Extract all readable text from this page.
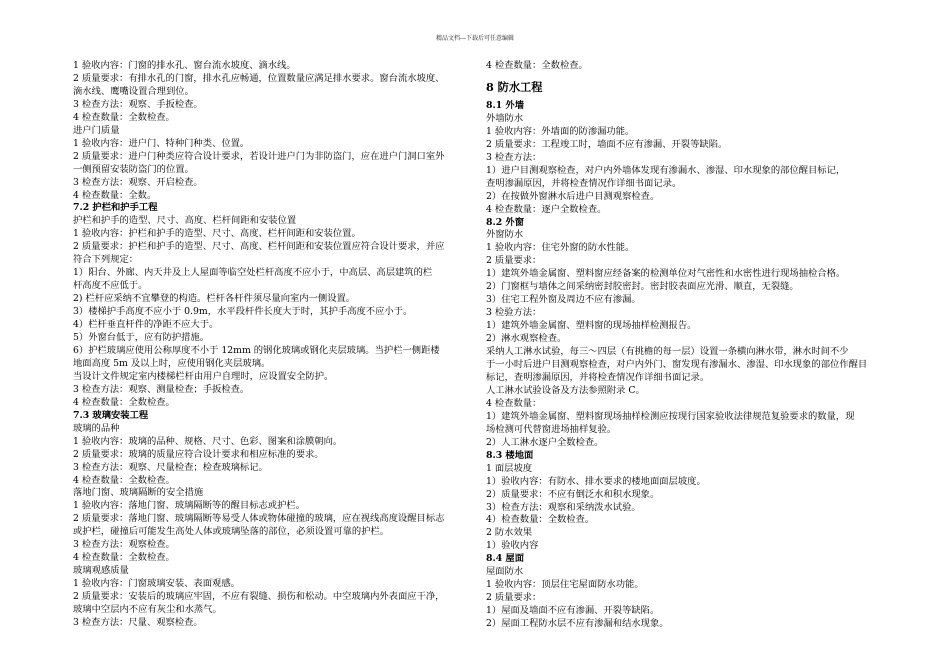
精品文档---下载后可任意编辑

1 验收内容：门窗的排水孔、窗台流水坡度、滴水线。

2 质量要求：有排水孔的门窗，排水孔应畅通，位置数量应满足排水要求。窗台流水坡度、

滴水线、鹰嘴设置合理到位。

3 检查方法：观察、手扳检查。

4 检查数量：全数检查。

进户门质量

1 验收内容：进户门、特种门种类、位置。

2 质量要求：进户门种类应符合设计要求，若设计进户门为非防盗门，应在进户门洞口室外

一侧预留安装防盗门的位置。

3 检查方法：观察、开启检查。

4 检查数量：全数。

7.2 护栏和护手工程

护栏和护手的造型、尺寸、高度、栏杆间距和安装位置

1 验收内容：护栏和护手的造型、尺寸、高度、栏杆间距和安装位置。

2 质量要求：护栏和护手的造型、尺寸、高度、栏杆间距和安装位置应符合设计要求，并应

符合下列规定：

1）阳台、外廊、内天井及上人屋面等临空处栏杆高度不应小于，中高层、高层建筑的栏

杆高度不应低于。

2) 栏杆应采纳不宜攀登的构造。栏杆各杆件须尽量向室内一侧设置。

3）楼梯护手高度不应小于 0.9m，水平段杆件长度大于时，其护手高度不应小于。

4）栏杆垂直杆件的净距不应大于。

5）外窗台低于，应有防护措施。

6）护栏玻璃应使用公称厚度不小于 12mm 的钢化玻璃或钢化夹层玻璃。当护栏一侧距楼

地面高度 5m 及以上时，应使用钢化夹层玻璃。

当设计文件规定室内楼梯栏杆由用户自理时，应设置安全防护。

3 检查方法：观察、测量检查；手扳检查。

4 检查数量：全数检查。

7.3 玻璃安装工程

玻璃的品种

1 验收内容：玻璃的品种、规格、尺寸、色彩、图案和涂膜朝向。

2 质量要求：玻璃的质量应符合设计要求和相应标准的要求。

3 检查方法：观察、尺量检查；检查玻璃标记。

4 检查数量：全数检查。

落地门窗、玻璃隔断的安全措施

1 验收内容：落地门窗、玻璃隔断等的醒目标志或护栏。

2 质量要求：落地门窗、玻璃隔断等易受人体或物体碰撞的玻璃，应在视线高度设醒目标志

或护栏，碰撞后可能发生高处人体或玻璃坠落的部位，必须设置可靠的护栏。

3 检查方法：观察检查。

4 检查数量：全数检查。

玻璃观感质量

1 验收内容：门窗玻璃安装、表面观感。

2 质量要求：安装后的玻璃应牢固，不应有裂缝、损伤和松动。中空玻璃内外表面应干净，

玻璃中空层内不应有灰尘和水蒸气。

3 检查方法：尺量、观察检查。

4 检查数量：全数检查。

8 防水工程

8.1 外墙

外墙防水

1 验收内容：外墙面的防渗漏功能。

2 质量要求：工程竣工时，墙面不应有渗漏、开裂等缺陷。

3 检查方法：

1）进户目测观察检查，对户内外墙体发现有渗漏水、渗湿、印水现象的部位醒目标记，

查明渗漏原因，并将检查情况作详细书面记录。

2）在按做外窗淋水后进户目测观察检查。

4 检查数量：逐户全数检查。

8.2 外窗

外窗防水

1 验收内容：住宅外窗的防水性能。

2 质量要求：

1）建筑外墙金属窗、塑料窗应经备案的检测单位对气密性和水密性进行现场抽检合格。

2）门窗框与墙体之间采纳密封胶密封。密封胶表面应光滑、顺直，无裂缝。

3）住宅工程外窗及周边不应有渗漏。

3 检验方法：

1）建筑外墙金属窗、塑料窗的现场抽样检测报告。

2）淋水观察检查。

采纳人工淋水试验，每三～四层（有挑檐的每一层）设置一条横向淋水带，淋水时间不少

于一小时后进户目测观察检查，对户内外门、窗发现有渗漏水、渗湿、印水现象的部位作醒目

标记，查明渗漏原因，并将检查情况作详细书面记录。

人工淋水试验设备及方法参照附录 C。

4 检查数量：

1）建筑外墙金属窗、塑料窗现场抽样检测应按现行国家验收法律规范复验要求的数量，现

场检测可代替窗进场抽样复验。

2）人工淋水逐户全数检查。

8.3 楼地面

1 面层坡度

1）验收内容：有防水、排水要求的楼地面面层坡度。

2）质量要求：不应有倒泛水和积水现象。

3）检查方法：观察和采纳泼水试验。

4）检查数量：全数检查。

2 防水效果

1）验收内容

8.4 屋面

屋面防水

1 验收内容：顶层住宅屋面防水功能。

2 质量要求：

1）屋面及墙面不应有渗漏、开裂等缺陷。

2）屋面工程防水层不应有渗漏和结水现象。
